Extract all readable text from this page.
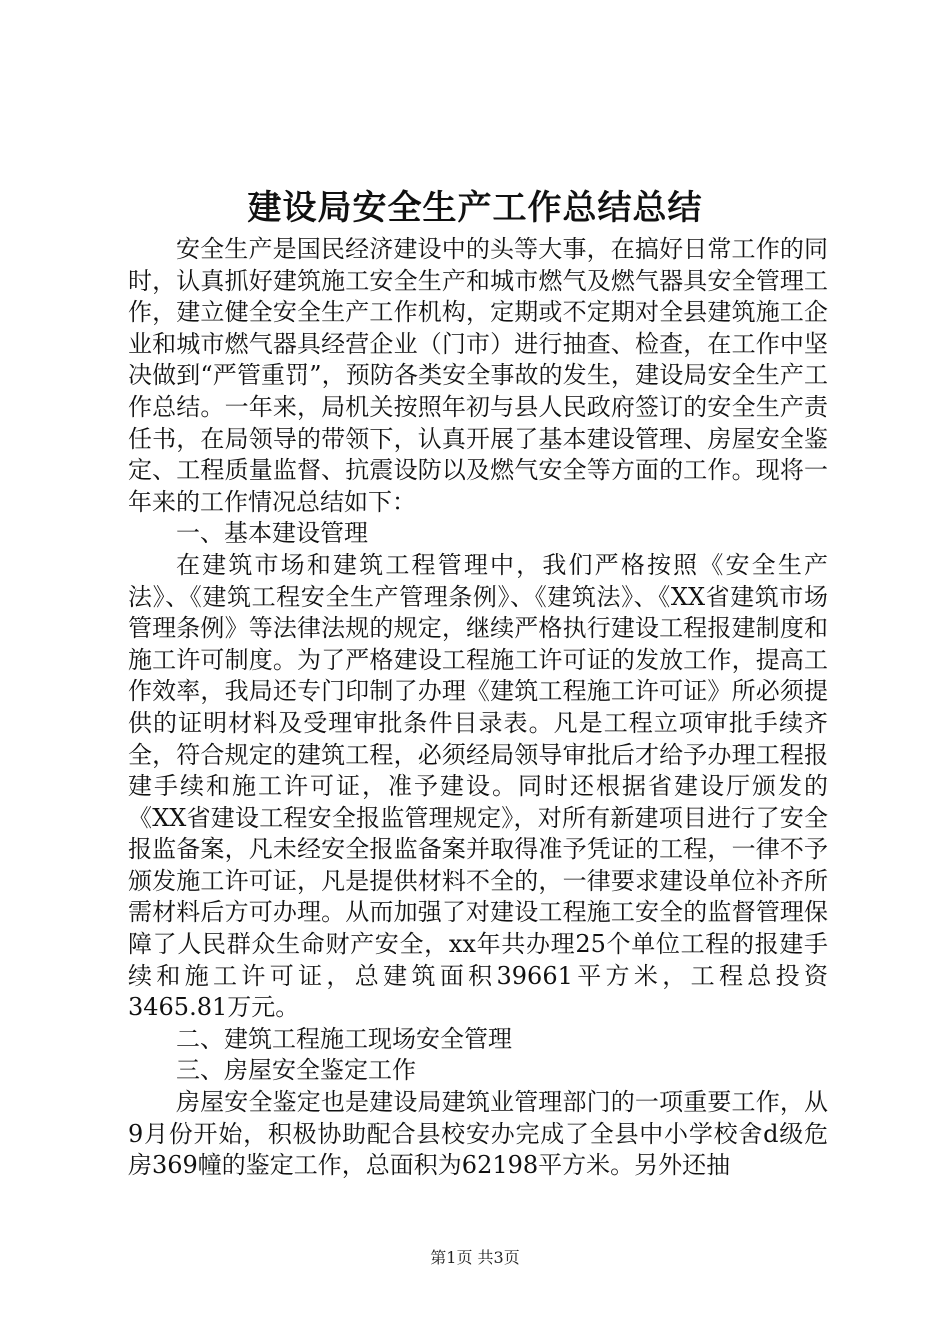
建设局安全生产工作总结总结

安全生产是国民经济建设中的头等大事，在搞好日常工作的同时，认真抓好建筑施工安全生产和城市燃气及燃气器具安全管理工作，建立健全安全生产工作机构，定期或不定期对全县建筑施工企业和城市燃气器具经营企业（门市）进行抽查、检查，在工作中坚决做到“严管重罚”，预防各类安全事故的发生，建设局安全生产工作总结。一年来，局机关按照年初与县人民政府签订的安全生产责任书，在局领导的带领下，认真开展了基本建设管理、房屋安全鉴定、工程质量监督、抗震设防以及燃气安全等方面的工作。现将一年来的工作情况总结如下：

一、基本建设管理

在建筑市场和建筑工程管理中，我们严格按照《安全生产法》、《建筑工程安全生产管理条例》、《建筑法》、《XX省建筑市场管理条例》等法律法规的规定，继续严格执行建设工程报建制度和施工许可制度。为了严格建设工程施工许可证的发放工作，提高工作效率，我局还专门印制了办理《建筑工程施工许可证》所必须提供的证明材料及受理审批条件目录表。凡是工程立项审批手续齐全，符合规定的建筑工程，必须经局领导审批后才给予办理工程报建手续和施工许可证，准予建设。同时还根据省建设厅颁发的《XX省建设工程安全报监管理规定》，对所有新建项目进行了安全报监备案，凡未经安全报监备案并取得准予凭证的工程，一律不予颁发施工许可证，凡是提供材料不全的，一律要求建设单位补齐所需材料后方可办理。从而加强了对建设工程施工安全的监督管理保障了人民群众生命财产安全，xx年共办理25个单位工程的报建手续和施工许可证，总建筑面积39661平方米，工程总投资3465.81万元。

二、建筑工程施工现场安全管理

三、房屋安全鉴定工作

房屋安全鉴定也是建设局建筑业管理部门的一项重要工作，从9月份开始，积极协助配合县校安办完成了全县中小学校舍d级危房369幢的鉴定工作，总面积为62198平方米。另外还抽

第1页 共3页
